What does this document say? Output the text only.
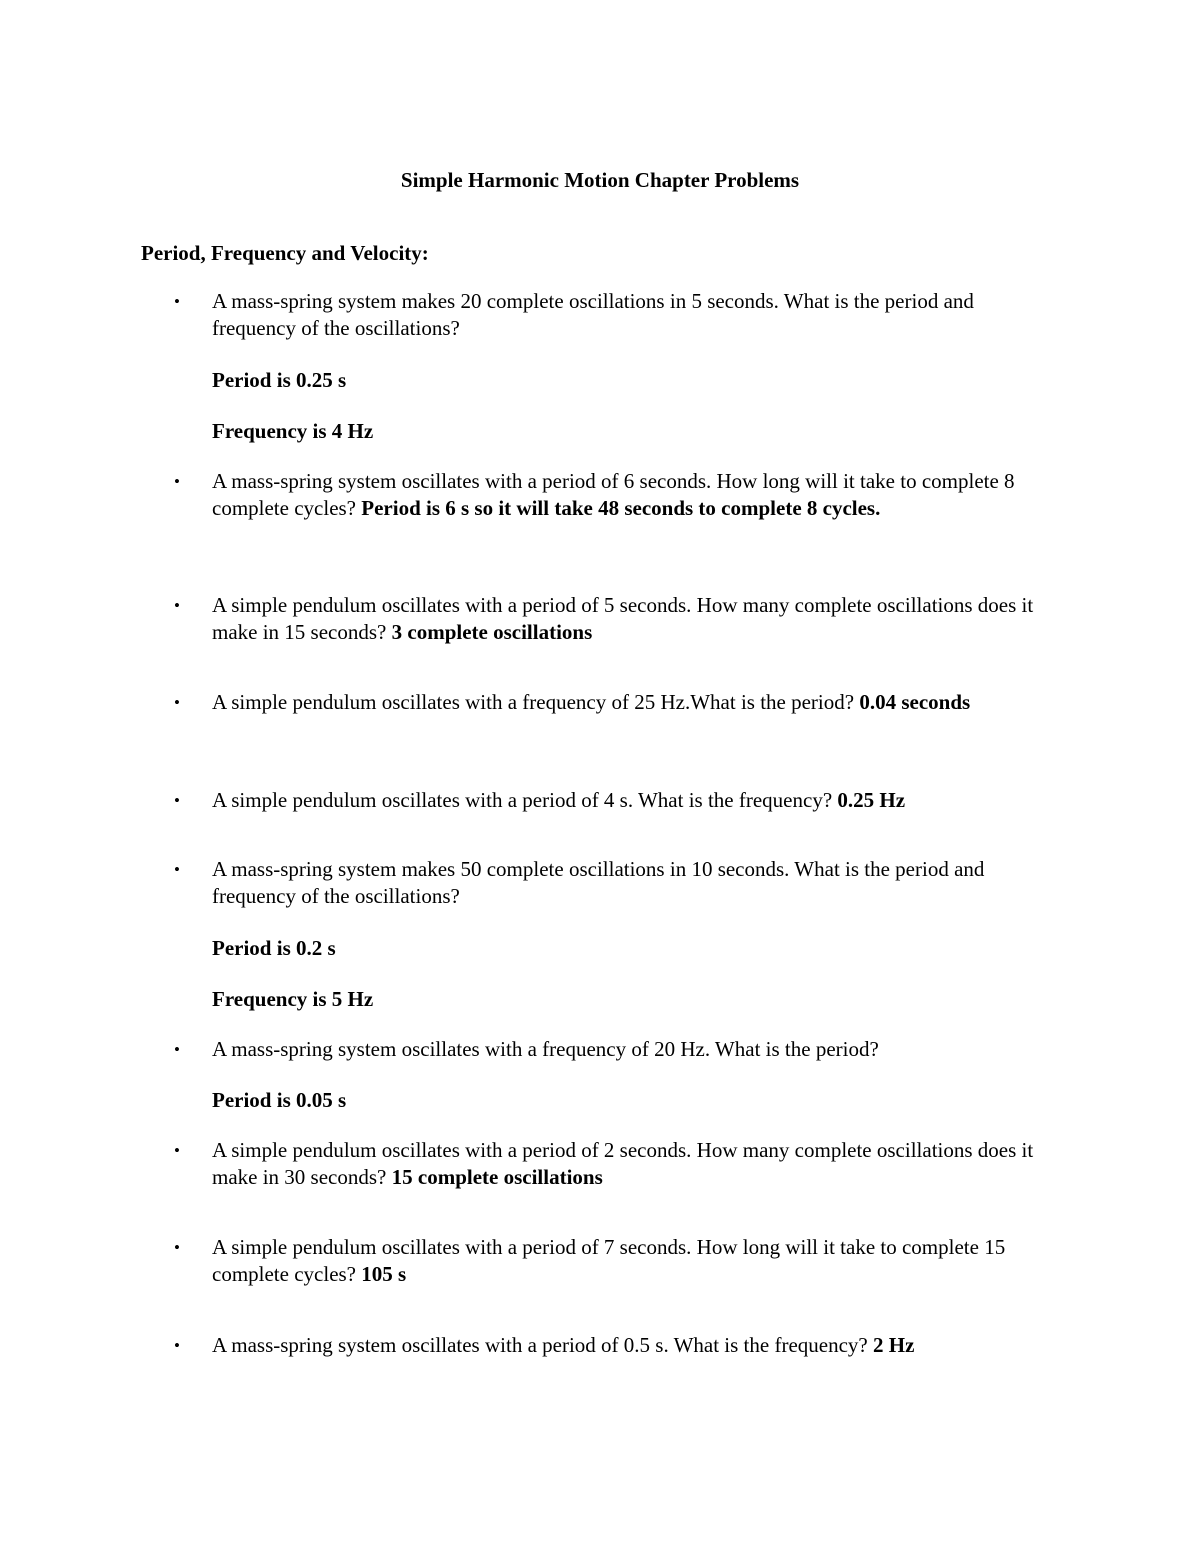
Simple Harmonic Motion Chapter Problems
Period, Frequency and Velocity:
• A mass-spring system makes 20 complete oscillations in 5 seconds. What is the period and frequency of the oscillations?
Period is 0.25 s
Frequency is 4 Hz
• A mass-spring system oscillates with a period of 6 seconds. How long will it take to complete 8 complete cycles? Period is 6 s so it will take 48 seconds to complete 8 cycles.
• A simple pendulum oscillates with a period of 5 seconds. How many complete oscillations does it make in 15 seconds? 3 complete oscillations
• A simple pendulum oscillates with a frequency of 25 Hz.What is the period? 0.04 seconds
• A simple pendulum oscillates with a period of 4 s. What is the frequency? 0.25 Hz
• A mass-spring system makes 50 complete oscillations in 10 seconds. What is the period and frequency of the oscillations?
Period is 0.2 s
Frequency is 5 Hz
• A mass-spring system oscillates with a frequency of 20 Hz. What is the period?
Period is 0.05 s
• A simple pendulum oscillates with a period of 2 seconds. How many complete oscillations does it make in 30 seconds? 15 complete oscillations
• A simple pendulum oscillates with a period of 7 seconds. How long will it take to complete 15 complete cycles? 105 s
• A mass-spring system oscillates with a period of 0.5 s. What is the frequency? 2 Hz
